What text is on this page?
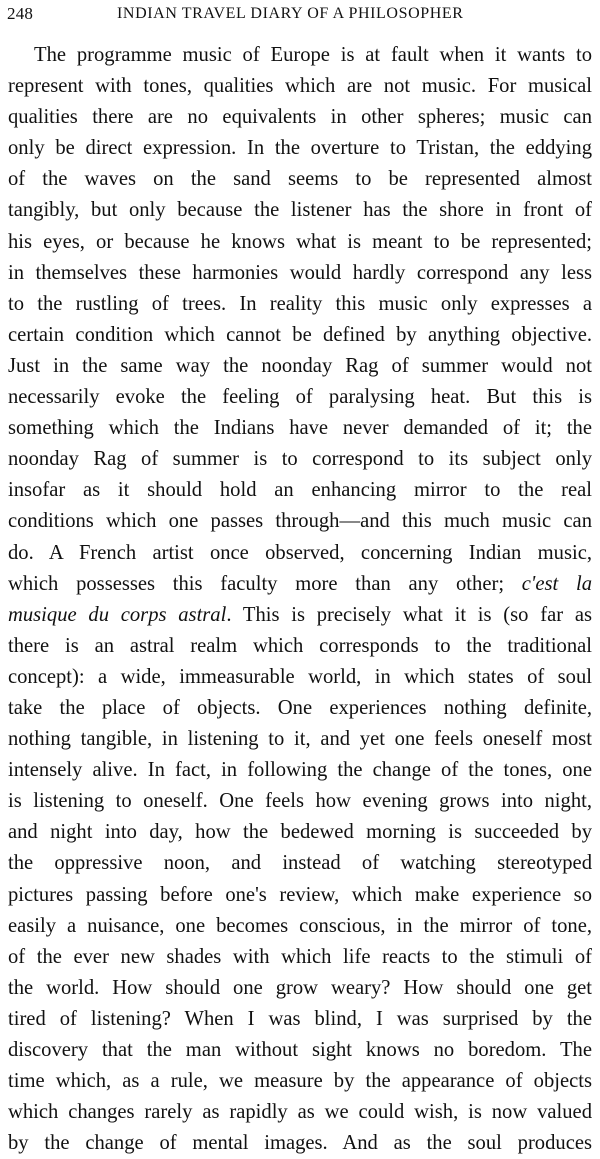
248	INDIAN TRAVEL DIARY OF A PHILOSOPHER
The programme music of Europe is at fault when it wants to
represent with tones, qualities which are not music. For musical
qualities there are no equivalents in other spheres; music can
only be direct expression. In the overture to Tristan, the eddying
of the waves on the sand seems to be represented almost
tangibly, but only because the listener has the shore in front of
his eyes, or because he knows what is meant to be represented;
in themselves these harmonies would hardly correspond any less
to the rustling of trees. In reality this music only expresses a
certain condition which cannot be defined by anything objective.
Just in the same way the noonday Rag of summer would not
necessarily evoke the feeling of paralysing heat. But this is
something which the Indians have never demanded of it; the
noonday Rag of summer is to correspond to its subject only
insofar as it should hold an enhancing mirror to the real
conditions which one passes through—and this much music can
do. A French artist once observed, concerning Indian music,
which possesses this faculty more than any other; c'est la
musique du corps astral. This is precisely what it is (so far as
there is an astral realm which corresponds to the traditional
concept): a wide, immeasurable world, in which states of soul
take the place of objects. One experiences nothing definite,
nothing tangible, in listening to it, and yet one feels oneself most
intensely alive. In fact, in following the change of the tones, one
is listening to oneself. One feels how evening grows into night,
and night into day, how the bedewed morning is succeeded by
the oppressive noon, and instead of watching stereotyped
pictures passing before one's review, which make experience so
easily a nuisance, one becomes conscious, in the mirror of tone,
of the ever new shades with which life reacts to the stimuli of
the world. How should one grow weary? How should one get
tired of listening? When I was blind, I was surprised by the
discovery that the man without sight knows no boredom. The
time which, as a rule, we measure by the appearance of objects
which changes rarely as rapidly as we could wish, is now valued
by the change of mental images. And as the soul produces
